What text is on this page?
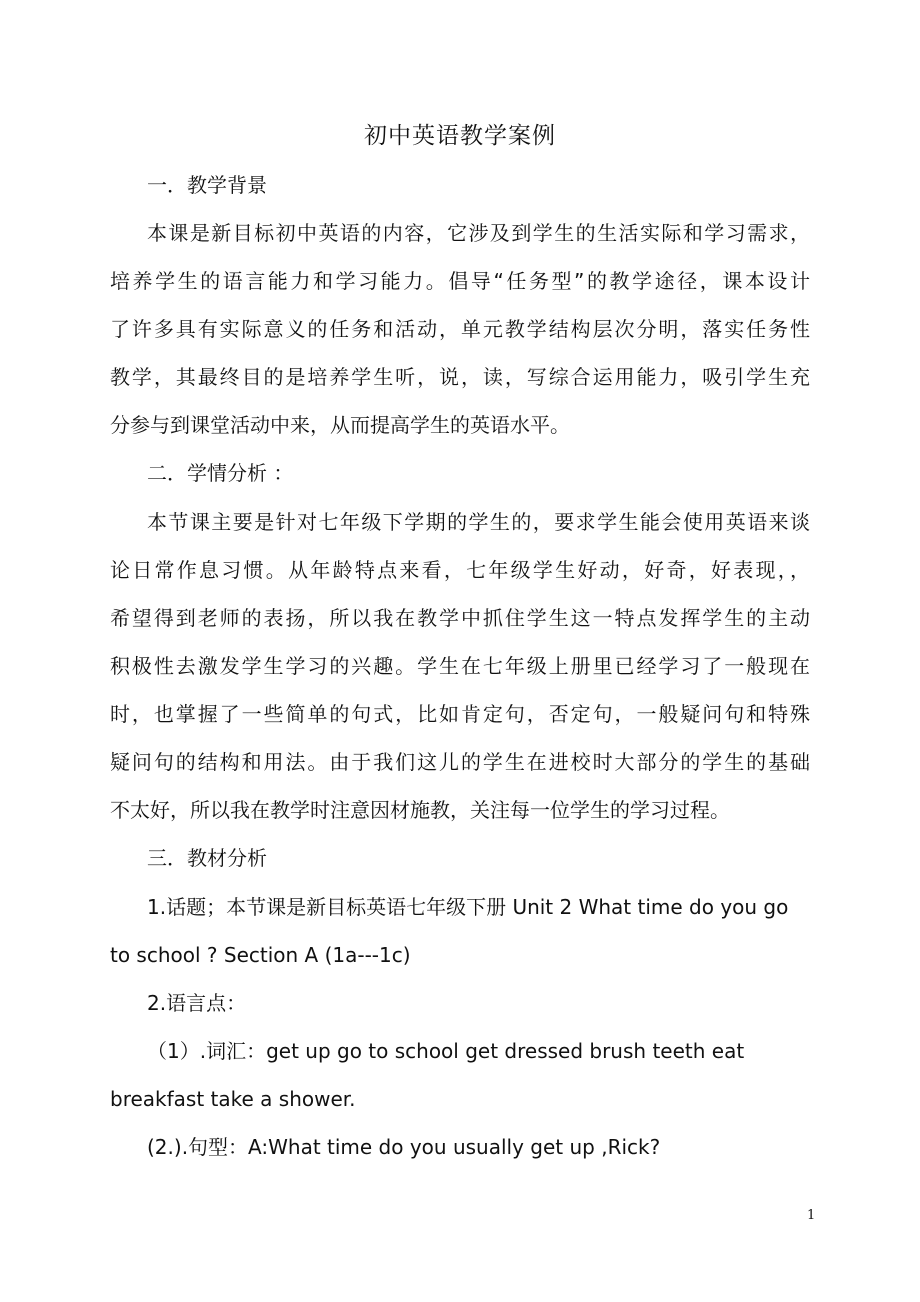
初中英语教学案例
一．教学背景
本课是新目标初中英语的内容，它涉及到学生的生活实际和学习需求，
培养学生的语言能力和学习能力。倡导“任务型”的教学途径，课本设计
了许多具有实际意义的任务和活动，单元教学结构层次分明，落实任务性
教学，其最终目的是培养学生听，说，读，写综合运用能力，吸引学生充
分参与到课堂活动中来，从而提高学生的英语水平。
二．学情分析 ：
本节课主要是针对七年级下学期的学生的，要求学生能会使用英语来谈
论日常作息习惯。从年龄特点来看，七年级学生好动，好奇，好表现，，
希望得到老师的表扬，所以我在教学中抓住学生这一特点发挥学生的主动
积极性去激发学生学习的兴趣。学生在七年级上册里已经学习了一般现在
时，也掌握了一些简单的句式，比如肯定句，否定句，一般疑问句和特殊
疑问句的结构和用法。由于我们这儿的学生在进校时大部分的学生的基础
不太好，所以我在教学时注意因材施教，关注每一位学生的学习过程。
三．教材分析
1.话题；本节课是新目标英语七年级下册 Unit 2 What time do you go
to school ? Section A (1a---1c)
2.语言点：
（1）.词汇：get up go to school get dressed brush teeth eat
breakfast take a shower.
(2.).句型：A:What time do you usually get up ,Rick?
1
